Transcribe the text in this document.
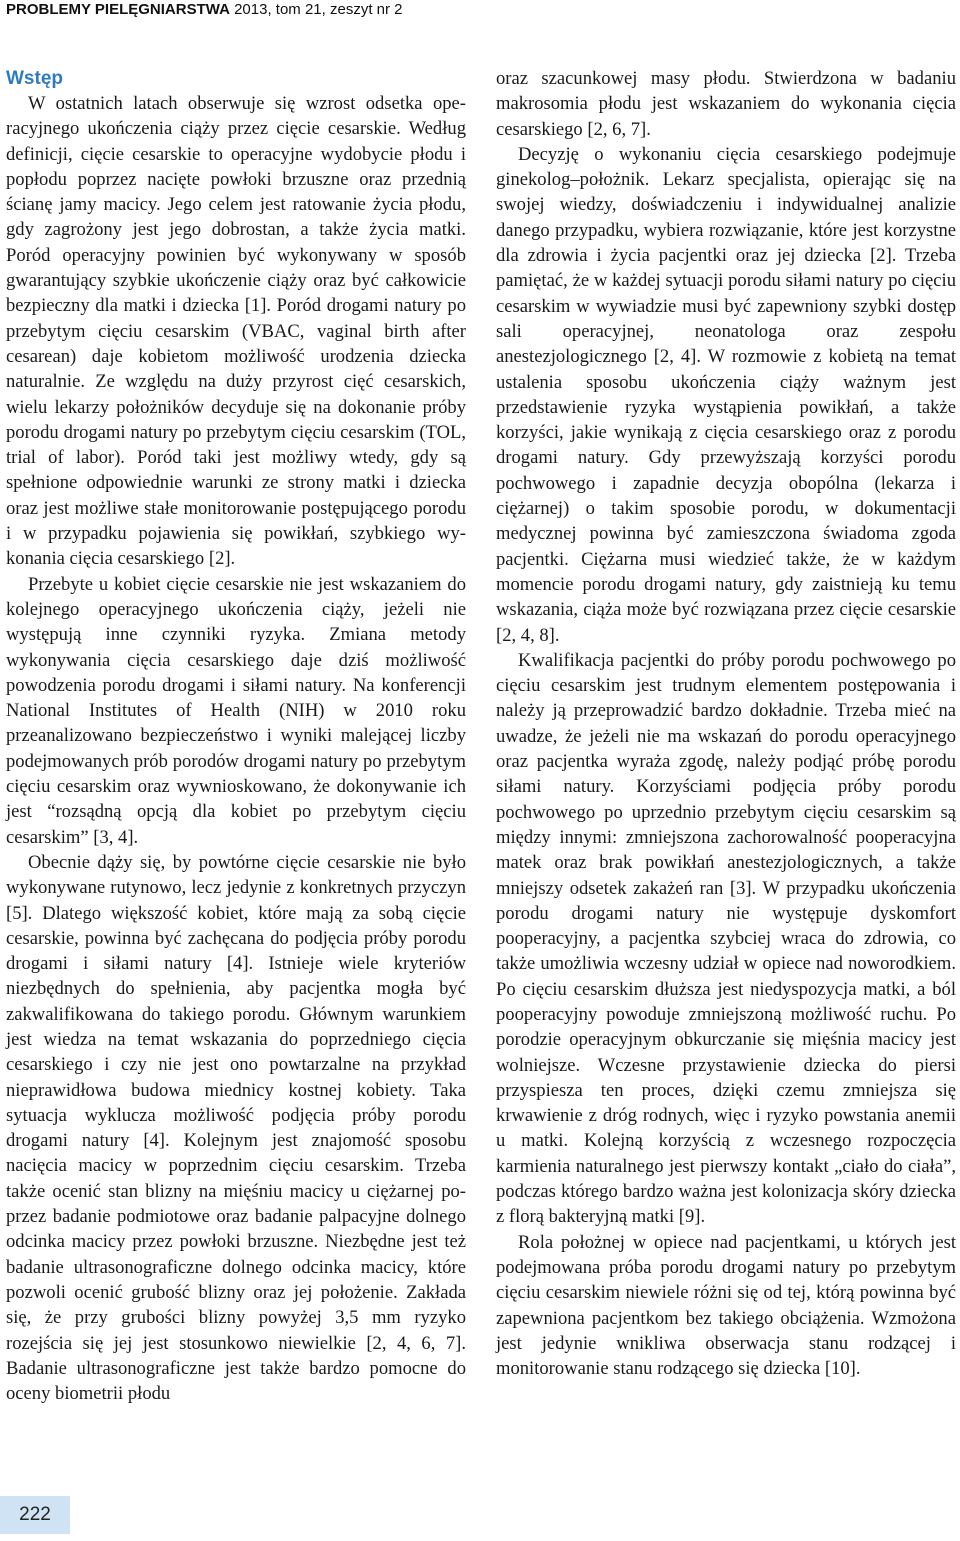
PROBLEMY PIELĘGNIARSTWA 2013, tom 21, zeszyt nr 2
Wstęp

W ostatnich latach obserwuje się wzrost odsetka operacyjnego ukończenia ciąży przez cięcie cesarskie. Według definicji, cięcie cesarskie to operacyjne wydobycie płodu i popłodu poprzez nacięte powłoki brzuszne oraz przednią ścianę jamy macicy. Jego celem jest ratowanie życia płodu, gdy zagrożony jest jego dobrostan, a także życia matki. Poród operacyjny powinien być wykonywany w sposób gwarantujący szybkie ukończenie ciąży oraz być całkowicie bezpieczny dla matki i dziecka [1]. Poród drogami natury po przebytym cięciu cesarskim (VBAC, vaginal birth after cesarean) daje kobietom możliwość urodzenia dziecka naturalnie. Ze względu na duży przyrost cięć cesarskich, wielu lekarzy położników decyduje się na dokonanie próby porodu drogami natury po przebytym cięciu cesarskim (TOL, trial of labor). Poród taki jest możliwy wtedy, gdy są spełnione odpowiednie warunki ze strony matki i dziecka oraz jest możliwe stałe monitorowanie postępującego porodu i w przypadku pojawienia się powikłań, szybkiego wykonania cięcia cesarskiego [2].

Przebyte u kobiet cięcie cesarskie nie jest wskazaniem do kolejnego operacyjnego ukończenia ciąży, jeżeli nie występują inne czynniki ryzyka. Zmiana metody wykonywania cięcia cesarskiego daje dziś możliwość powodzenia porodu drogami i siłami natury. Na konferencji National Institutes of Health (NIH) w 2010 roku przeanalizowano bezpieczeństwo i wyniki malejącej liczby podejmowanych prób porodów drogami natury po przebytym cięciu cesarskim oraz wywnioskowano, że dokonywanie ich jest “rozsądną opcją dla kobiet po przebytym cięciu cesarskim” [3, 4].

Obecnie dąży się, by powtórne cięcie cesarskie nie było wykonywane rutynowo, lecz jedynie z konkretnych przyczyn [5]. Dlatego większość kobiet, które mają za sobą cięcie cesarskie, powinna być zachęcana do podjęcia próby porodu drogami i siłami natury [4]. Istnieje wiele kryteriów niezbędnych do spełnienia, aby pacjentka mogła być zakwalifikowana do takiego porodu. Głównym warunkiem jest wiedza na temat wskazania do poprzedniego cięcia cesarskiego i czy nie jest ono powtarzalne na przykład nieprawidłowa budowa miednicy kostnej kobiety. Taka sytuacja wyklucza możliwość podjęcia próby porodu drogami natury [4]. Kolejnym jest znajomość sposobu nacięcia macicy w poprzednim cięciu cesarskim. Trzeba także ocenić stan blizny na mięśniu macicy u ciężarnej poprzez badanie podmiotowe oraz badanie palpacyjne dolnego odcinka macicy przez powłoki brzuszne. Niezbędne jest też badanie ultrasonograficzne dolnego odcinka macicy, które pozwoli ocenić grubość blizny oraz jej położenie. Zakłada się, że przy grubości blizny powyżej 3,5 mm ryzyko rozejścia się jej jest stosunkowo niewielkie [2, 4, 6, 7]. Badanie ultrasonograficzne jest także bardzo pomocne do oceny biometrii płodu

oraz szacunkowej masy płodu. Stwierdzona w badaniu makrosomia płodu jest wskazaniem do wykonania cięcia cesarskiego [2, 6, 7].

Decyzję o wykonaniu cięcia cesarskiego podejmuje ginekolog–położnik. Lekarz specjalista, opierając się na swojej wiedzy, doświadczeniu i indywidualnej analizie danego przypadku, wybiera rozwiązanie, które jest korzystne dla zdrowia i życia pacjentki oraz jej dziecka [2]. Trzeba pamiętać, że w każdej sytuacji porodu siłami natury po cięciu cesarskim w wywiadzie musi być zapewniony szybki dostęp sali operacyjnej, neonatologa oraz zespołu anestezjologicznego [2, 4]. W rozmowie z kobietą na temat ustalenia sposobu ukończenia ciąży ważnym jest przedstawienie ryzyka wystąpienia powikłań, a także korzyści, jakie wynikają z cięcia cesarskiego oraz z porodu drogami natury. Gdy przewyższają korzyści porodu pochwowego i zapadnie decyzja obopólna (lekarza i ciężarnej) o takim sposobie porodu, w dokumentacji medycznej powinna być zamieszczona świadoma zgoda pacjentki. Ciężarna musi wiedzieć także, że w każdym momencie porodu drogami natury, gdy zaistnieją ku temu wskazania, ciąża może być rozwiązana przez cięcie cesarskie [2, 4, 8].

Kwalifikacja pacjentki do próby porodu pochwowego po cięciu cesarskim jest trudnym elementem postępowania i należy ją przeprowadzić bardzo dokładnie. Trzeba mieć na uwadze, że jeżeli nie ma wskazań do porodu operacyjnego oraz pacjentka wyraża zgodę, należy podjąć próbę porodu siłami natury. Korzyściami podjęcia próby porodu pochwowego po uprzednio przebytym cięciu cesarskim są między innymi: zmniejszona zachorowalność pooperacyjna matek oraz brak powikłań anestezjologicznych, a także mniejszy odsetek zakażeń ran [3]. W przypadku ukończenia porodu drogami natury nie występuje dyskomfort pooperacyjny, a pacjentka szybciej wraca do zdrowia, co także umożliwia wczesny udział w opiece nad noworodkiem. Po cięciu cesarskim dłuższa jest niedyspozycja matki, a ból pooperacyjny powoduje zmniejszoną możliwość ruchu. Po porodzie operacyjnym obkurczanie się mięśnia macicy jest wolniejsze. Wczesne przystawienie dziecka do piersi przyspiesza ten proces, dzięki czemu zmniejsza się krwawienie z dróg rodnych, więc i ryzyko powstania anemii u matki. Kolejną korzyścią z wczesnego rozpoczęcia karmienia naturalnego jest pierwszy kontakt „ciało do ciała”, podczas którego bardzo ważna jest kolonizacja skóry dziecka z florą bakteryjną matki [9].

Rola położnej w opiece nad pacjentkami, u których jest podejmowana próba porodu drogami natury po przebytym cięciu cesarskim niewiele różni się od tej, którą powinna być zapewniona pacjentkom bez takiego obciążenia. Wzmożona jest jedynie wnikliwa obserwacja stanu rodzącej i monitorowanie stanu rodzącego się dziecka [10].

222
